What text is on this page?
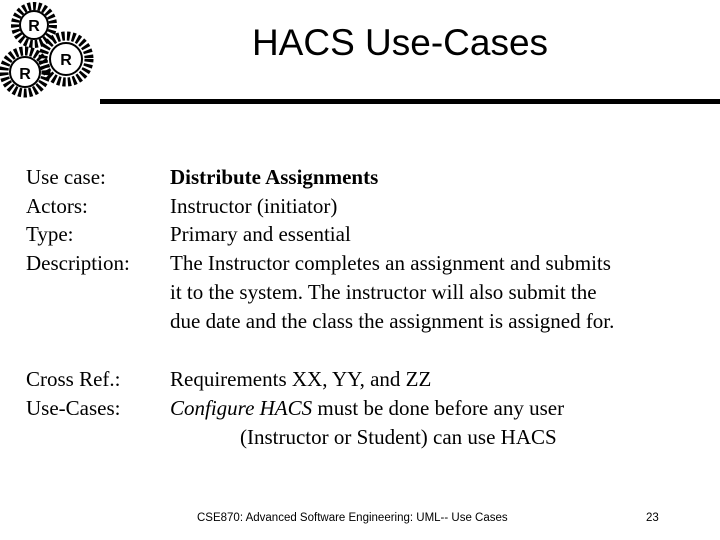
R
R
R	HACS Use-Cases
Use case:	Distribute Assignments
Actors:	Instructor (initiator)
Type:	Primary and essential
Description: The Instructor completes an assignment and submits
it to the system. The instructor will also submit the
due date and the class the assignment is assigned for.
Cross Ref.: Requirements XX, YY, and ZZ
Use-Cases: Configure HACS must be done before any user
(Instructor or Student) can use HACS
CSE870: Advanced Software Engineering: UML-- Use Cases	23
